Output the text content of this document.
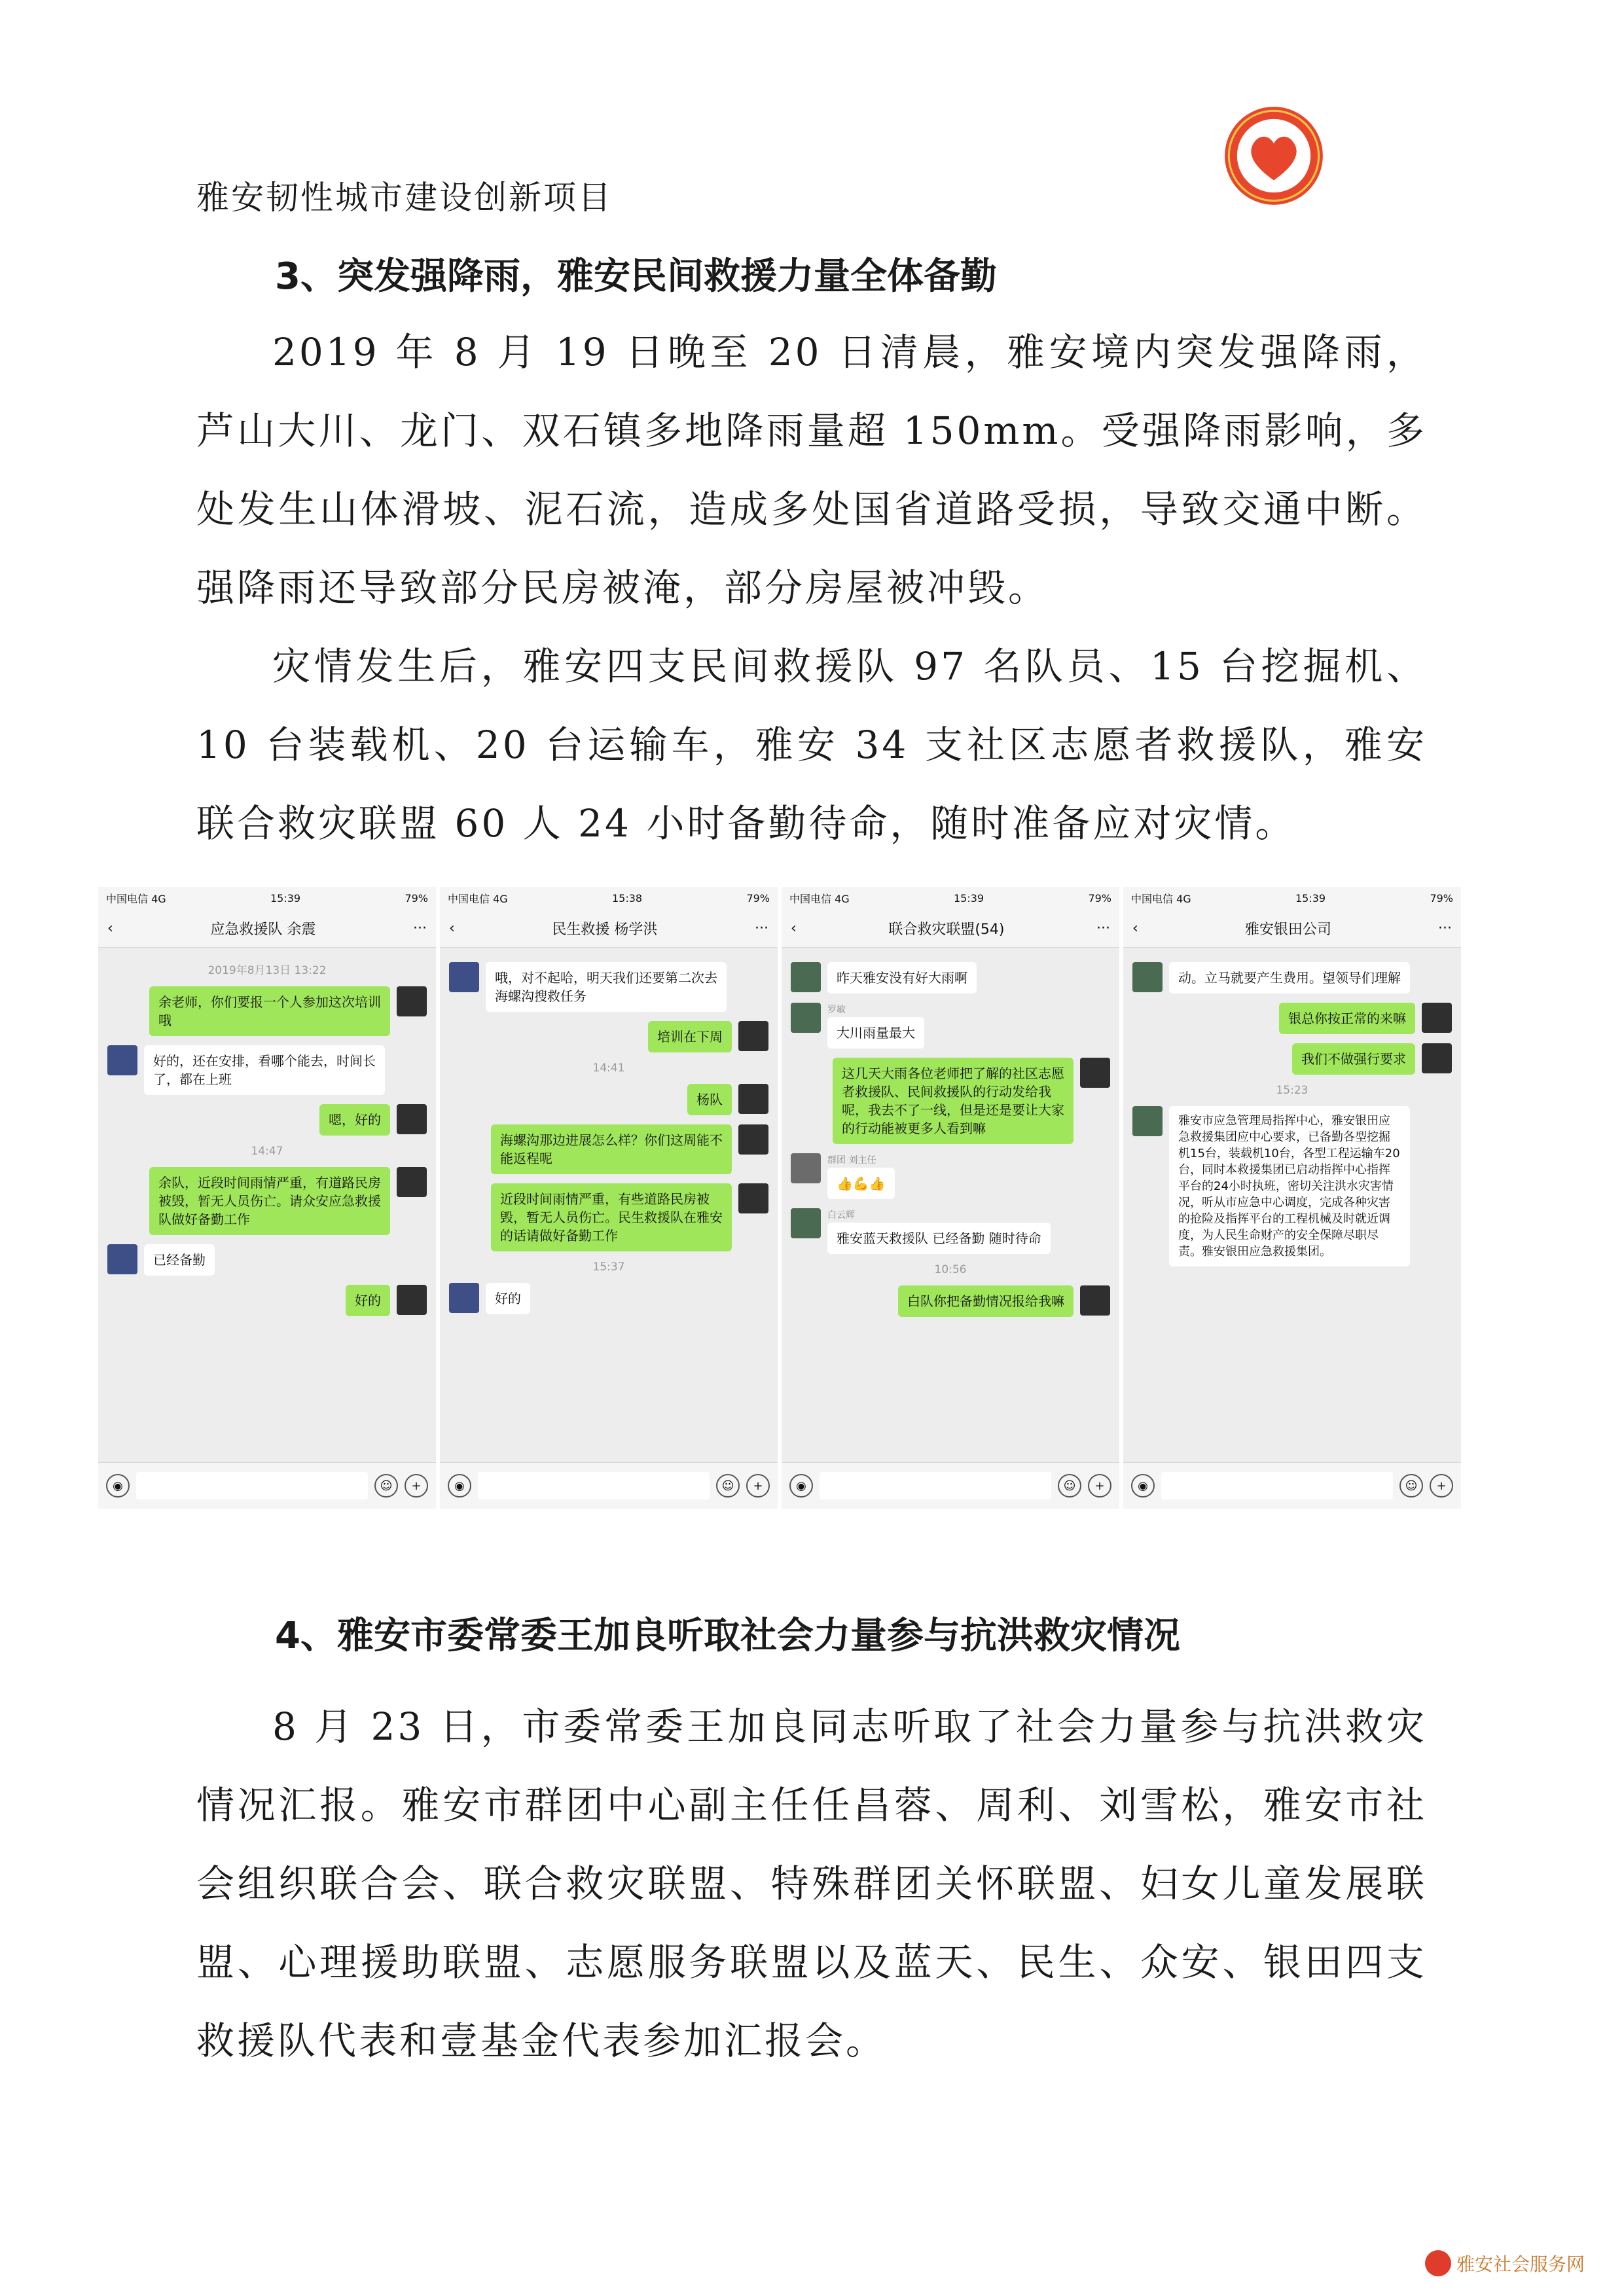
雅安韧性城市建设创新项目
3、突发强降雨，雅安民间救援力量全体备勤

2019 年 8 月 19 日晚至 20 日清晨，雅安境内突发强降雨，芦山大川、龙门、双石镇多地降雨量超 150mm。受强降雨影响，多处发生山体滑坡、泥石流，造成多处国省道路受损，导致交通中断。强降雨还导致部分民房被淹，部分房屋被冲毁。

灾情发生后，雅安四支民间救援队 97 名队员、15 台挖掘机、10 台装载机、20 台运输车，雅安 34 支社区志愿者救援队，雅安联合救灾联盟 60 人 24 小时备勤待命，随时准备应对灾情。

中国电信 4G	15:39	79%
‹	应急救援队 余震	···
2019年8月13日 13:22
余老师，你们要报一个人参加这次培训哦
好的，还在安排，看哪个能去，时间长了，都在上班
嗯，好的
14:47
余队，近段时间雨情严重，有道路民房被毁，暂无人员伤亡。请众安应急救援队做好备勤工作
已经备勤
好的
◉	☺	+
中国电信 4G	15:38	79%
‹	民生救援 杨学洪	···
哦，对不起哈，明天我们还要第二次去海螺沟搜救任务
培训在下周
14:41
杨队
海螺沟那边进展怎么样？你们这周能不能返程呢
近段时间雨情严重，有些道路民房被毁，暂无人员伤亡。民生救援队在雅安的话请做好备勤工作
15:37
好的
◉	☺	+
中国电信 4G	15:39	79%
‹	联合救灾联盟(54)	···
昨天雅安没有好大雨啊
罗敏
大川雨量最大
这几天大雨各位老师把了解的社区志愿者救援队、民间救援队的行动发给我呢，我去不了一线，但是还是要让大家的行动能被更多人看到嘛
群团 刘主任
👍💪👍
白云辉
雅安蓝天救援队 已经备勤 随时待命
10:56
白队你把备勤情况报给我嘛
◉	☺	+
中国电信 4G	15:39	79%
‹	雅安银田公司	···
动。立马就要产生费用。望领导们理解
银总你按正常的来嘛
我们不做强行要求
15:23
雅安市应急管理局指挥中心，雅安银田应急救援集团应中心要求，已备勤各型挖掘机15台，装载机10台，各型工程运输车20台，同时本救援集团已启动指挥中心指挥平台的24小时执班，密切关注洪水灾害情况，听从市应急中心调度，完成各种灾害的抢险及指挥平台的工程机械及时就近调度，为人民生命财产的安全保障尽职尽责。雅安银田应急救援集团。
◉	☺	+
4、雅安市委常委王加良听取社会力量参与抗洪救灾情况

8 月 23 日，市委常委王加良同志听取了社会力量参与抗洪救灾情况汇报。雅安市群团中心副主任任昌蓉、周利、刘雪松，雅安市社会组织联合会、联合救灾联盟、特殊群团关怀联盟、妇女儿童发展联盟、心理援助联盟、志愿服务联盟以及蓝天、民生、众安、银田四支救援队代表和壹基金代表参加汇报会。

雅安社会服务网
